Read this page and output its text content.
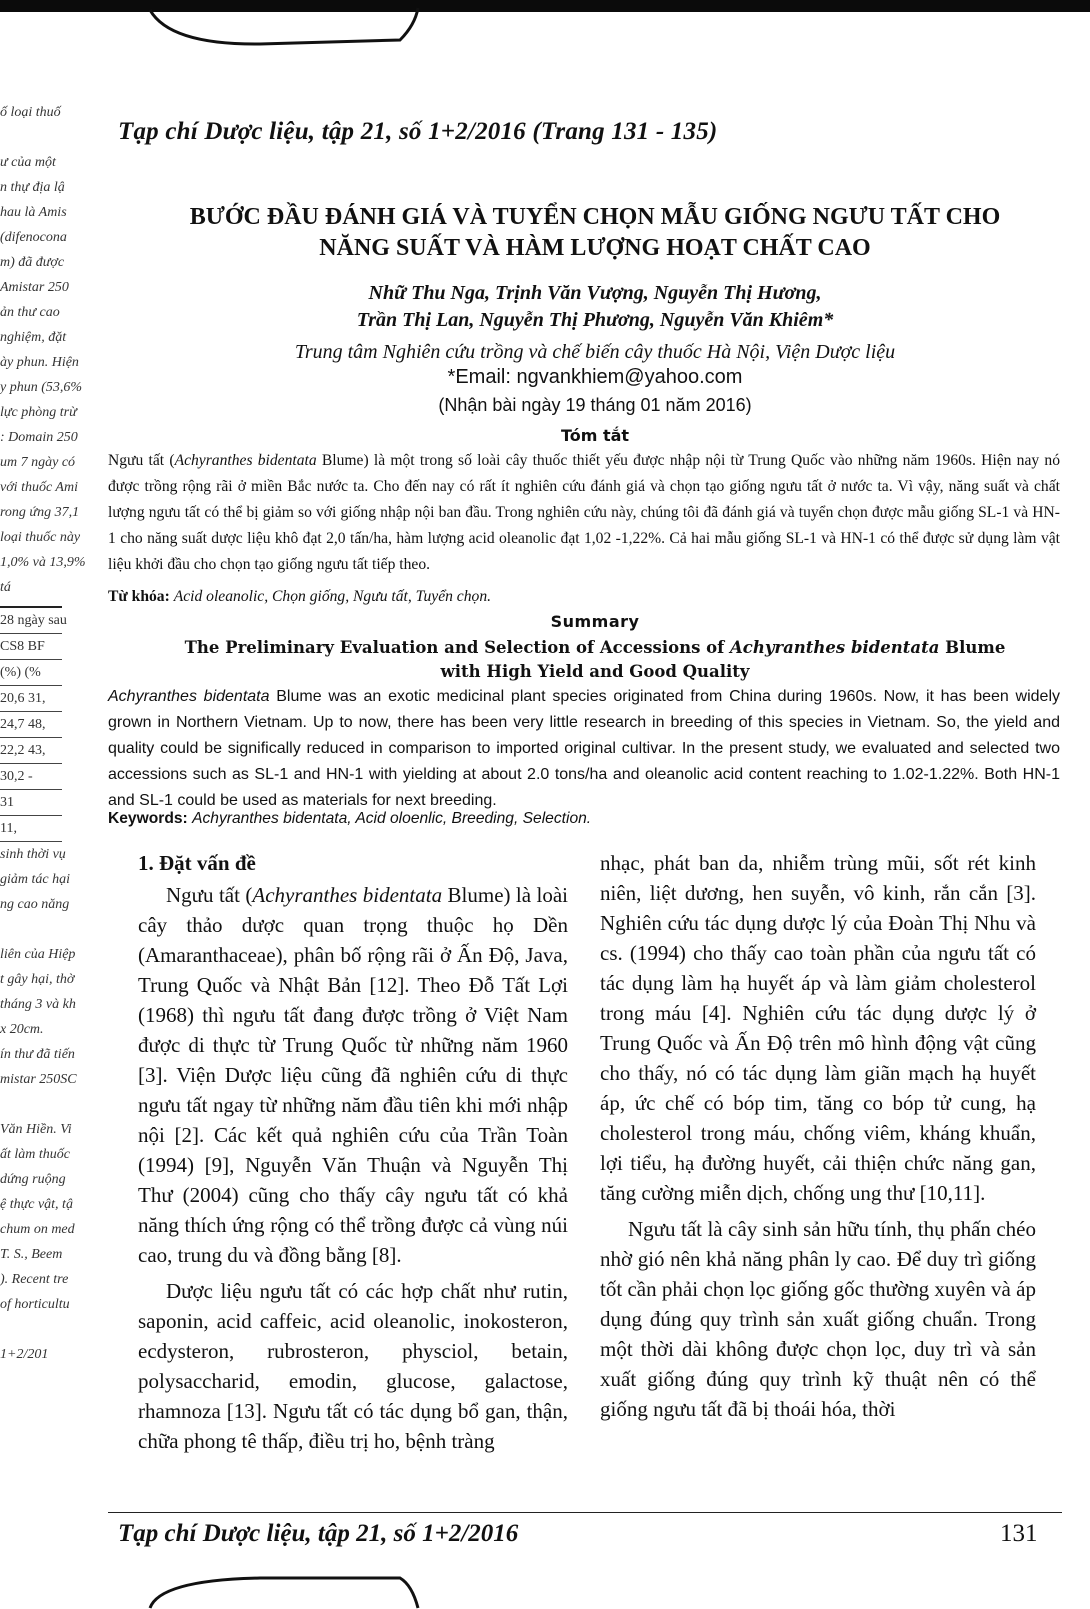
ố loại thuố

ư của một
n thự địa lậ
hau là Amis
(difenocona
m) đã được
Amistar 250
ản thư cao
nghiệm, đặt
ày phun. Hiện
y phun (53,6%
lực phòng trừ
: Domain 250
um 7 ngày có
với thuốc Ami
rong ứng 37,1
loại thuốc này
1,0% và 13,9%
tá
28 ngày sau
CS8 BF
(%) (%
20,6 31,
24,7 48,
22,2 43,
30,2 -
31
11,
sinh thời vụ
giảm tác hại
ng cao năng

liên của Hiệp
t gây hại, thờ
tháng 3 và kh
x 20cm.
ín thư đã tiến
mistar 250SC

Văn Hiền. Vi
ất làm thuốc
dứng ruộng
ệ thực vật, tậ
chum on med
T. S., Beem
). Recent tre
of horticultu

1+2/201
Tạp chí Dược liệu, tập 21, số 1+2/2016 (Trang 131 - 135)
BƯỚC ĐẦU ĐÁNH GIÁ VÀ TUYỂN CHỌN MẪU GIỐNG NGƯU TẤT CHO
NĂNG SUẤT VÀ HÀM LƯỢNG HOẠT CHẤT CAO
Nhữ Thu Nga, Trịnh Văn Vượng, Nguyễn Thị Hương,
Trần Thị Lan, Nguyễn Thị Phương, Nguyễn Văn Khiêm*
Trung tâm Nghiên cứu trồng và chế biến cây thuốc Hà Nội, Viện Dược liệu
*Email: ngvankhiem@yahoo.com
(Nhận bài ngày 19 tháng 01 năm 2016)
Tóm tắt
Ngưu tất (Achyranthes bidentata Blume) là một trong số loài cây thuốc thiết yếu được nhập nội từ Trung Quốc vào những năm 1960s. Hiện nay nó được trồng rộng rãi ở miền Bắc nước ta. Cho đến nay có rất ít nghiên cứu đánh giá và chọn tạo giống ngưu tất ở nước ta. Vì vậy, năng suất và chất lượng ngưu tất có thể bị giảm so với giống nhập nội ban đầu. Trong nghiên cứu này, chúng tôi đã đánh giá và tuyển chọn được mẫu giống SL-1 và HN-1 cho năng suất dược liệu khô đạt 2,0 tấn/ha, hàm lượng acid oleanolic đạt 1,02 -1,22%. Cả hai mẫu giống SL-1 và HN-1 có thể được sử dụng làm vật liệu khởi đầu cho chọn tạo giống ngưu tất tiếp theo.
Từ khóa: Acid oleanolic, Chọn giống, Ngưu tất, Tuyển chọn.
Summary
The Preliminary Evaluation and Selection of Accessions of Achyranthes bidentata Blume
with High Yield and Good Quality
Achyranthes bidentata Blume was an exotic medicinal plant species originated from China during 1960s. Now, it has been widely grown in Northern Vietnam. Up to now, there has been very little research in breeding of this species in Vietnam. So, the yield and quality could be significally reduced in comparison to imported original cultivar. In the present study, we evaluated and selected two accessions such as SL-1 and HN-1 with yielding at about 2.0 tons/ha and oleanolic acid content reaching to 1.02-1.22%. Both HN-1 and SL-1 could be used as materials for next breeding.
Keywords: Achyranthes bidentata, Acid oloenlic, Breeding, Selection.
1. Đặt vấn đề

Ngưu tất (Achyranthes bidentata Blume) là loài cây thảo dược quan trọng thuộc họ Dền (Amaranthaceae), phân bố rộng rãi ở Ấn Độ, Java, Trung Quốc và Nhật Bản [12]. Theo Đỗ Tất Lợi (1968) thì ngưu tất đang được trồng ở Việt Nam được di thực từ Trung Quốc từ những năm 1960 [3]. Viện Dược liệu cũng đã nghiên cứu di thực ngưu tất ngay từ những năm đầu tiên khi mới nhập nội [2]. Các kết quả nghiên cứu của Trần Toàn (1994) [9], Nguyễn Văn Thuận và Nguyễn Thị Thư (2004) cũng cho thấy cây ngưu tất có khả năng thích ứng rộng có thể trồng được cả vùng núi cao, trung du và đồng bằng [8].

Dược liệu ngưu tất có các hợp chất như rutin, saponin, acid caffeic, acid oleanolic, inokosteron, ecdysteron, rubrosteron, physciol, betain, polysaccharid, emodin, glucose, galactose, rhamnoza [13]. Ngưu tất có tác dụng bổ gan, thận, chữa phong tê thấp, điều trị ho, bệnh tràng

nhạc, phát ban da, nhiễm trùng mũi, sốt rét kinh niên, liệt dương, hen suyễn, vô kinh, rắn cắn [3]. Nghiên cứu tác dụng dược lý của Đoàn Thị Nhu và cs. (1994) cho thấy cao toàn phần của ngưu tất có tác dụng làm hạ huyết áp và làm giảm cholesterol trong máu [4]. Nghiên cứu tác dụng dược lý ở Trung Quốc và Ấn Độ trên mô hình động vật cũng cho thấy, nó có tác dụng làm giãn mạch hạ huyết áp, ức chế có bóp tim, tăng co bóp tử cung, hạ cholesterol trong máu, chống viêm, kháng khuẩn, lợi tiểu, hạ đường huyết, cải thiện chức năng gan, tăng cường miễn dịch, chống ung thư [10,11].

Ngưu tất là cây sinh sản hữu tính, thụ phấn chéo nhờ gió nên khả năng phân ly cao. Để duy trì giống tốt cần phải chọn lọc giống gốc thường xuyên và áp dụng đúng quy trình sản xuất giống chuẩn. Trong một thời dài không được chọn lọc, duy trì và sản xuất giống đúng quy trình kỹ thuật nên có thể giống ngưu tất đã bị thoái hóa, thời

Tạp chí Dược liệu, tập 21, số 1+2/2016	131
